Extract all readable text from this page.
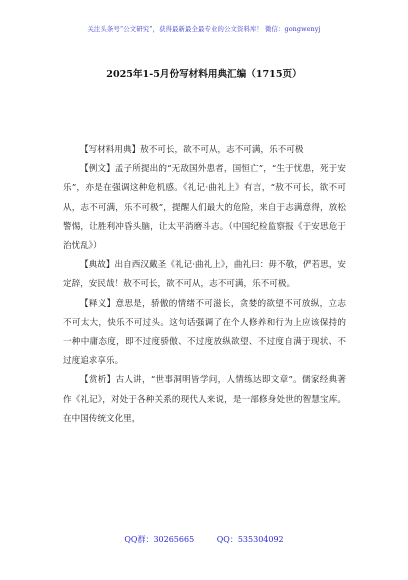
关注头条号“公文研究”，获得最新最全最专业的公文资料库！ 微信：gongwenyj
2025年1-5月份写材料用典汇编（1715页）

【写材料用典】敖不可长，欲不可从，志不可满，乐不可极

【例文】孟子所提出的“无敌国外患者，国恒亡”，“生于忧患，死于安乐”，亦是在强调这种危机感。《礼记·曲礼上》有言，“敖不可长，欲不可从，志不可满，乐不可极”，提醒人们最大的危险，来自于志满意得，放松警惕，让胜利冲昏头脑，让太平消磨斗志。（中国纪检监察报《于安思危于治忧乱》）

【典故】出自西汉戴圣《礼记·曲礼上》，曲礼曰：毋不敬，俨若思，安定辞，安民哉！敖不可长，欲不可从，志不可满，乐不可极。

【释义】意思是，骄傲的情绪不可滋长，贪婪的欲望不可放纵，立志不可太大，快乐不可过头。这句话强调了在个人修养和行为上应该保持的一种中庸态度，即不过度骄傲、不过度放纵欲望、不过度自满于现状、不过度追求享乐。

【赏析】古人讲，“世事洞明皆学问，人情练达即文章”。儒家经典著作《礼记》，对处于各种关系的现代人来说，是一部修身处世的智慧宝库。在中国传统文化里，

QQ群：30265665	QQ：535304092
